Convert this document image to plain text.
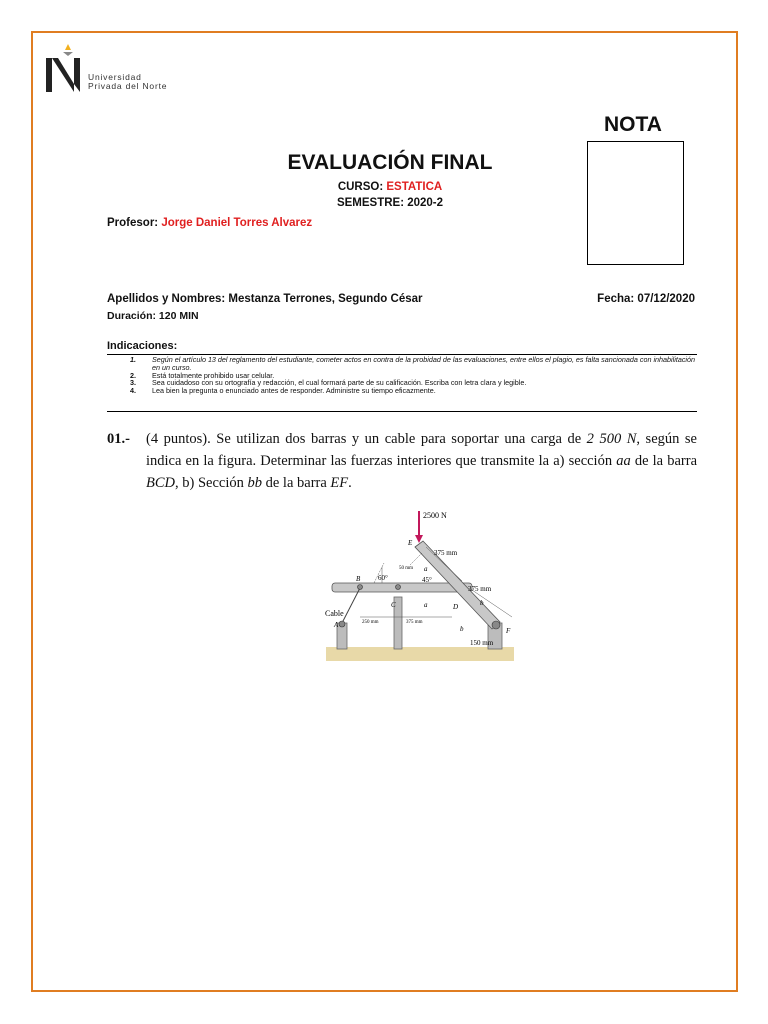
Universidad
Privada del Norte
NOTA
EVALUACIÓN FINAL
CURSO: ESTATICA
SEMESTRE: 2020-2
Profesor: Jorge Daniel Torres Alvarez
Apellidos y Nombres: Mestanza Terrones, Segundo César	Fecha: 07/12/2020
Duración: 120 MIN
Indicaciones:
1. Según el artículo 13 del reglamento del estudiante, cometer actos en contra de la probidad de las evaluaciones, entre ellos el plagio, es falta sancionada con inhabilitación en un curso.
2. Está totalmente prohibido usar celular.
3. Sea cuidadoso con su ortografía y redacción, el cual formará parte de su calificación. Escriba con letra clara y legible.
4. Lea bien la pregunta o enunciado antes de responder. Administre su tiempo eficazmente.
01.- (4 puntos). Se utilizan dos barras y un cable para soportar una carga de 2 500 N, según se indica en la figura. Determinar las fuerzas interiores que transmite la a) sección aa de la barra BCD, b) Sección bb de la barra EF.
2500 N
375 mm
375 mm
150 mm
250 mm	375 mm
50 mm
60°	45°
Cable
A
B
C	D
E
F
a
a	b
b
